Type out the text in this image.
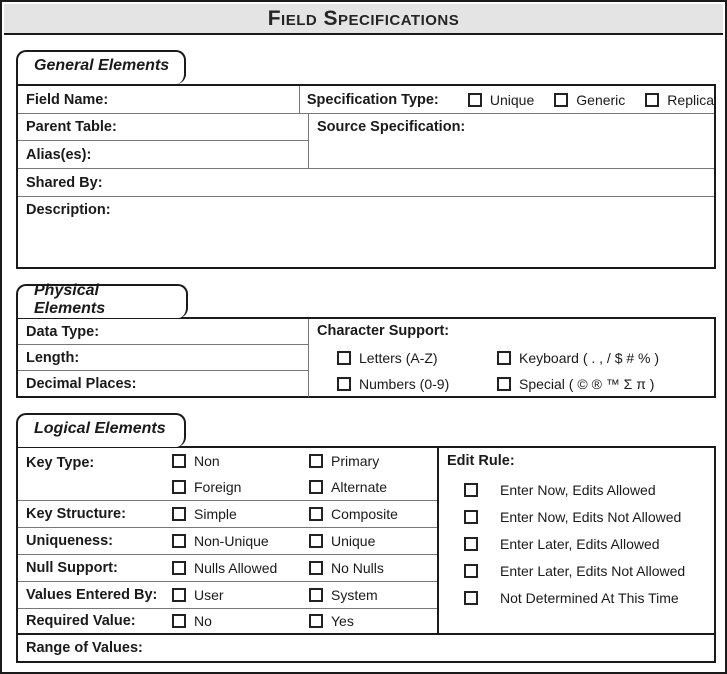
Field Specifications
General Elements
Field Name:	Specification Type:	Unique	Generic	Replica
Parent Table:
Alias(es):
Source Specification:
Shared By:
Description:
Physical Elements
Data Type:
Length:
Decimal Places:
Character Support:
Letters (A-Z)	Keyboard ( . , / $ # % )
Numbers (0-9)	Special ( © ® ™ Σ π )
Logical Elements
Key Type:	Non	Primary
Foreign	Alternate
Key Structure:	Simple	Composite
Uniqueness:	Non-Unique	Unique
Null Support:	Nulls Allowed	No Nulls
Values Entered By:	User	System
Required Value:	No	Yes
Edit Rule:
Enter Now, Edits Allowed
Enter Now, Edits Not Allowed
Enter Later, Edits Allowed
Enter Later, Edits Not Allowed
Not Determined At This Time
Range of Values:
